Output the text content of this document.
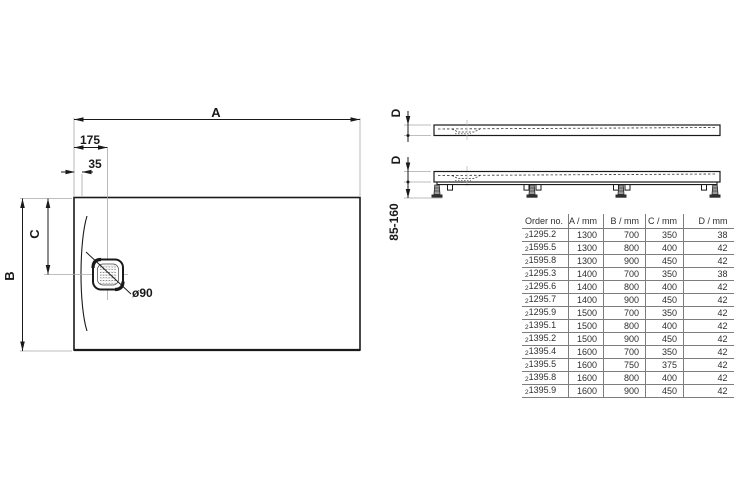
A
175
35
B
C
ø90
D
D
85-160	Order no.	A / mm	B / mm	C / mm	D / mm
21295.2	1300	700	350	38
21595.5	1300	800	400	42
21595.8	1300	900	450	42
21295.3	1400	700	350	38
21295.6	1400	800	400	42
21295.7	1400	900	450	42
21295.9	1500	700	350	42
21395.1	1500	800	400	42
21395.2	1500	900	450	42
21395.4	1600	700	350	42
21395.5	1600	750	375	42
21395.8	1600	800	400	42
21395.9	1600	900	450	42
